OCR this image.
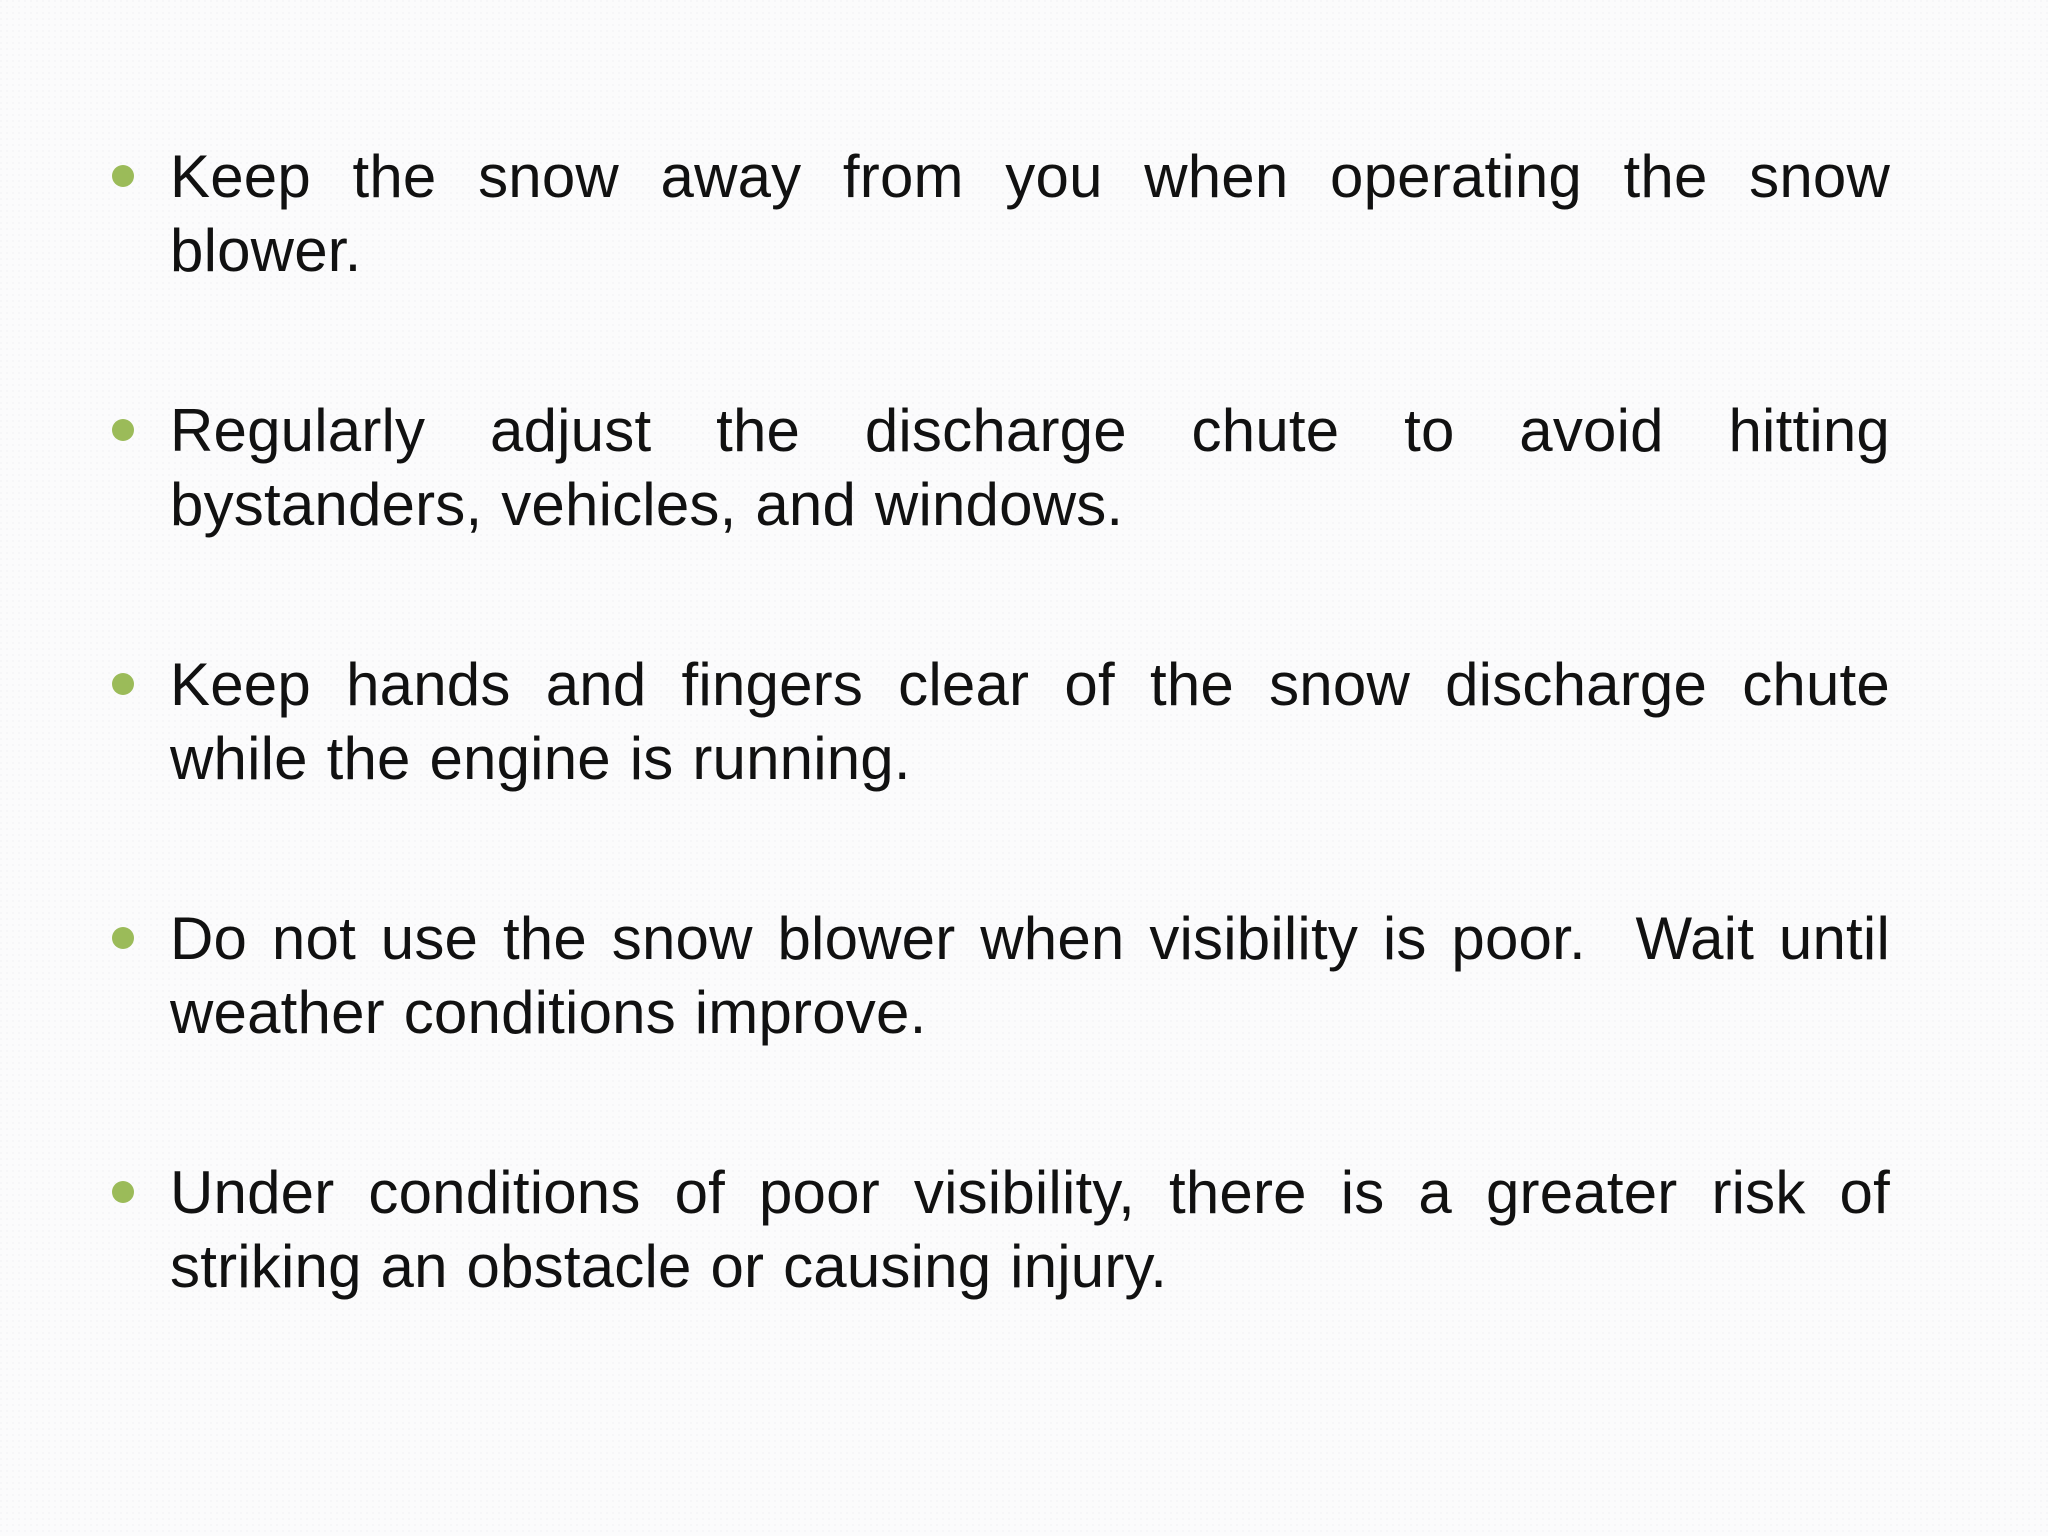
Keep the snow away from you when operating the snow blower.
Regularly adjust the discharge chute to avoid hitting bystanders, vehicles, and windows.
Keep hands and fingers clear of the snow discharge chute while the engine is running.
Do not use the snow blower when visibility is poor.  Wait until weather conditions improve.
Under conditions of poor visibility, there is a greater risk of striking an obstacle or causing injury.
